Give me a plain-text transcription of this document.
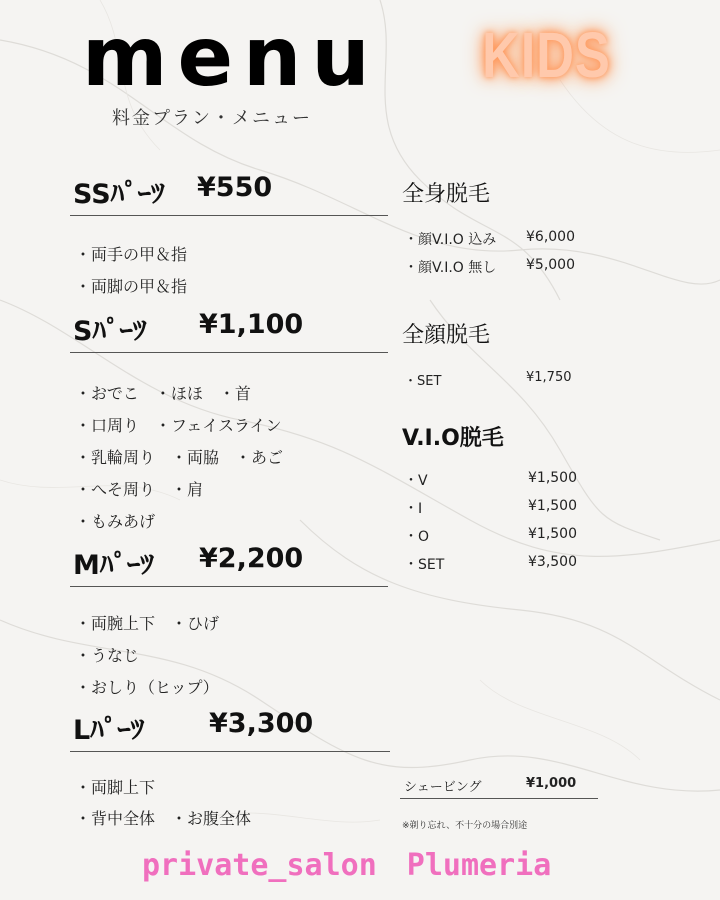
menu
料金プラン・メニュー
KIDS
SSﾊﾟｰﾂ ¥550
・両手の甲＆指
・両脚の甲＆指
Sﾊﾟｰﾂ ¥1,100
・おでこ　・ほほ　・首
・口周り　・フェイスライン
・乳輪周り　・両脇　・あご
・へそ周り　・肩
・もみあげ
Mﾊﾟｰﾂ ¥2,200
・両腕上下　・ひげ
・うなじ
・おしり（ヒップ）
Lﾊﾟｰﾂ ¥3,300
・両脚上下
・背中全体　・お腹全体
全身脱毛
・顔V.I.O 込み ¥6,000
・顔V.I.O 無し ¥5,000
全顔脱毛
・SET	¥1,750
V.I.O脱毛
・V	¥1,500
・I	¥1,500
・O	¥1,500
・SET	¥3,500
シェービング	¥1,000
※剃り忘れ、不十分の場合別途
private_salon　Plumeria
